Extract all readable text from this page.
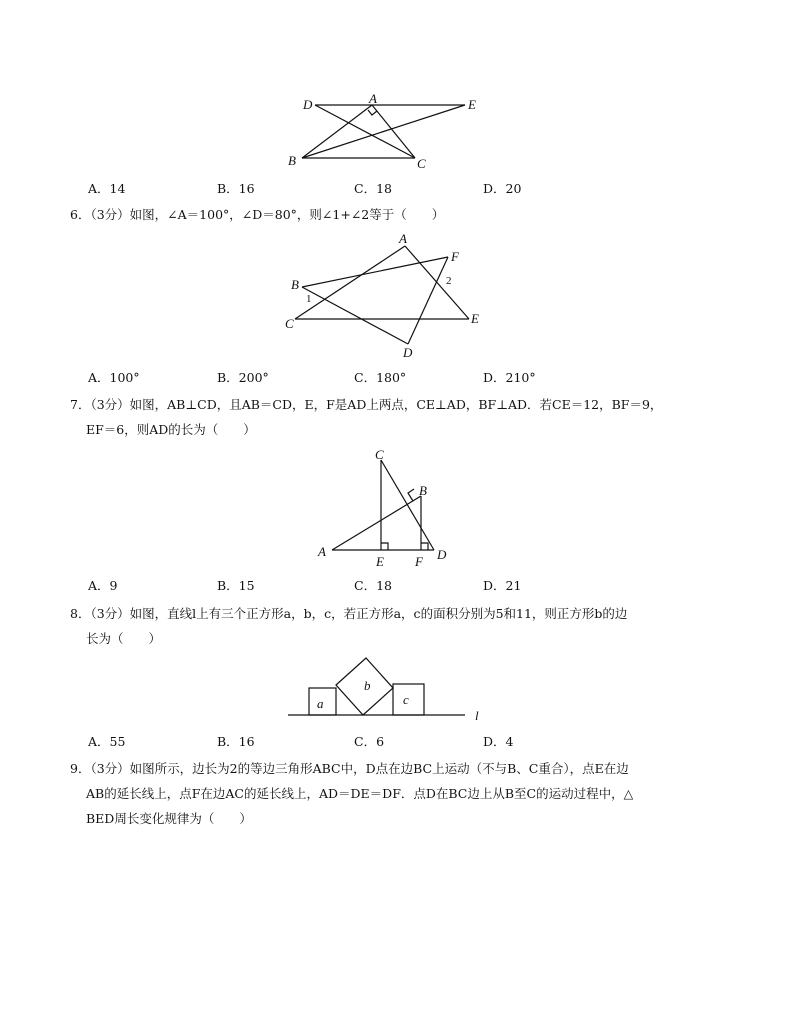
D	A	E
B	C
A．14	B．16	C．18	D．20
6．（3分）如图，∠A＝100°，∠D＝80°，则∠1+∠2等于（　　）
A
F
B
1
2
C	E
D
A．100°	B．200°	C．180°	D．210°
7．（3分）如图，AB⊥CD，且AB＝CD，E，F是AD上两点，CE⊥AD，BF⊥AD．若CE＝12，BF＝9，
EF＝6，则AD的长为（　　）
C
B
A
E F D
A．9	B．15	C．18	D．21
8．（3分）如图，直线l上有三个正方形a，b，c，若正方形a，c的面积分别为5和11，则正方形b的边
长为（　　）
a
b
c
l
A．55	B．16	C．6	D．4
9．（3分）如图所示，边长为2的等边三角形ABC中，D点在边BC上运动（不与B、C重合），点E在边
AB的延长线上，点F在边AC的延长线上，AD＝DE＝DF．点D在BC边上从B至C的运动过程中，△
BED周长变化规律为（　　）
